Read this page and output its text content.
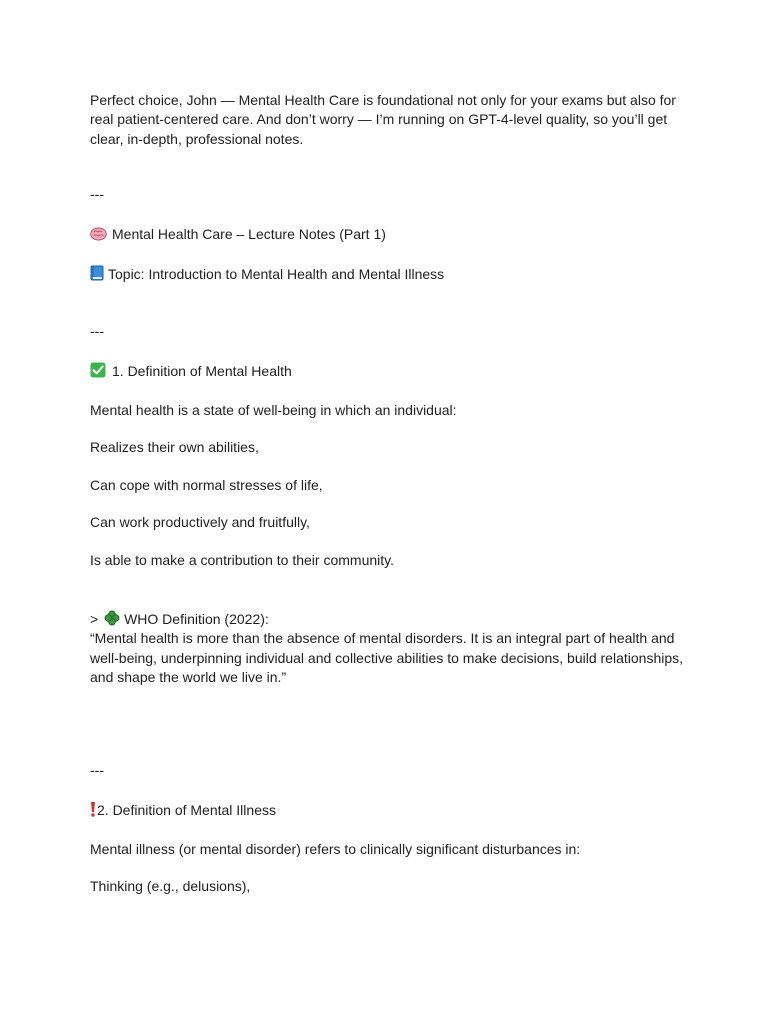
Perfect choice, John — Mental Health Care is foundational not only for your exams but also for
real patient-centered care. And don’t worry — I’m running on GPT-4-level quality, so you’ll get
clear, in-depth, professional notes.
---
Mental Health Care – Lecture Notes (Part 1)
Topic: Introduction to Mental Health and Mental Illness
---
1. Definition of Mental Health
Mental health is a state of well-being in which an individual:
Realizes their own abilities,
Can cope with normal stresses of life,
Can work productively and fruitfully,
Is able to make a contribution to their community.
> WHO Definition (2022):
“Mental health is more than the absence of mental disorders. It is an integral part of health and
well-being, underpinning individual and collective abilities to make decisions, build relationships,
and shape the world we live in.”
---
2. Definition of Mental Illness
Mental illness (or mental disorder) refers to clinically significant disturbances in:
Thinking (e.g., delusions),
